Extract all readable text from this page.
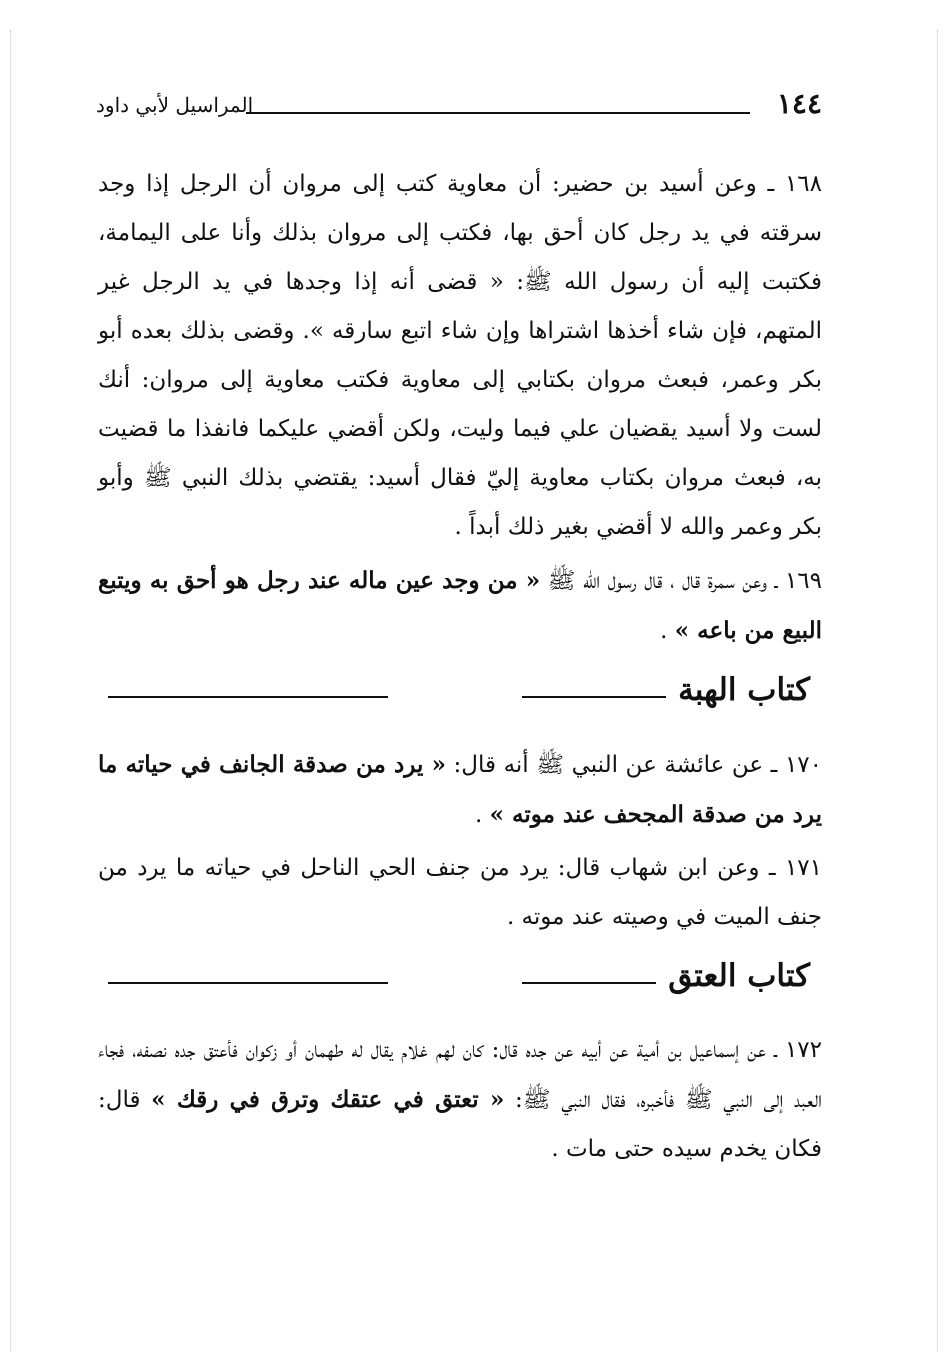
١٤٤
المراسيل لأبي داود

١٦٨ ـ وعن أسيد بن حضير: أن معاوية كتب إلى مروان أن الرجل إذا وجد سرقته في يد رجل كان أحق بها، فكتب إلى مروان بذلك وأنا على اليمامة، فكتبت إليه أن رسول الله ﷺ: « قضى أنه إذا وجدها في يد الرجل غير المتهم، فإن شاء أخذها اشتراها وإن شاء اتبع سارقه ». وقضى بذلك بعده أبو بكر وعمر، فبعث مروان بكتابي إلى معاوية فكتب معاوية إلى مروان: أنك لست ولا أسيد يقضيان علي فيما وليت، ولكن أقضي عليكما فانفذا ما قضيت به، فبعث مروان بكتاب معاوية إليّ فقال أسيد: يقتضي بذلك النبي ﷺ وأبو بكر وعمر والله لا أقضي بغير ذلك أبداً .

١٦٩ ـ وعن سمرة قال ، قال رسول الله ﷺ « من وجد عين ماله عند رجل هو أحق به ويتبع البيع من باعه » .

كتاب الهبة

١٧٠ ـ عن عائشة عن النبي ﷺ أنه قال: « يرد من صدقة الجانف في حياته ما يرد من صدقة المجحف عند موته » .

١٧١ ـ وعن ابن شهاب قال: يرد من جنف الحي الناحل في حياته ما يرد من جنف الميت في وصيته عند موته .

كتاب العتق

١٧٢ ـ عن إسماعيل بن أمية عن أبيه عن جده قال: كان لهم غلام يقال له طهمان أو زكوان فأعتق جده نصفه، فجاء العبد إلى النبي ﷺ فأخبره، فقال النبي ﷺ: « تعتق في عتقك وترق في رقك » قال: فكان يخدم سيده حتى مات .
